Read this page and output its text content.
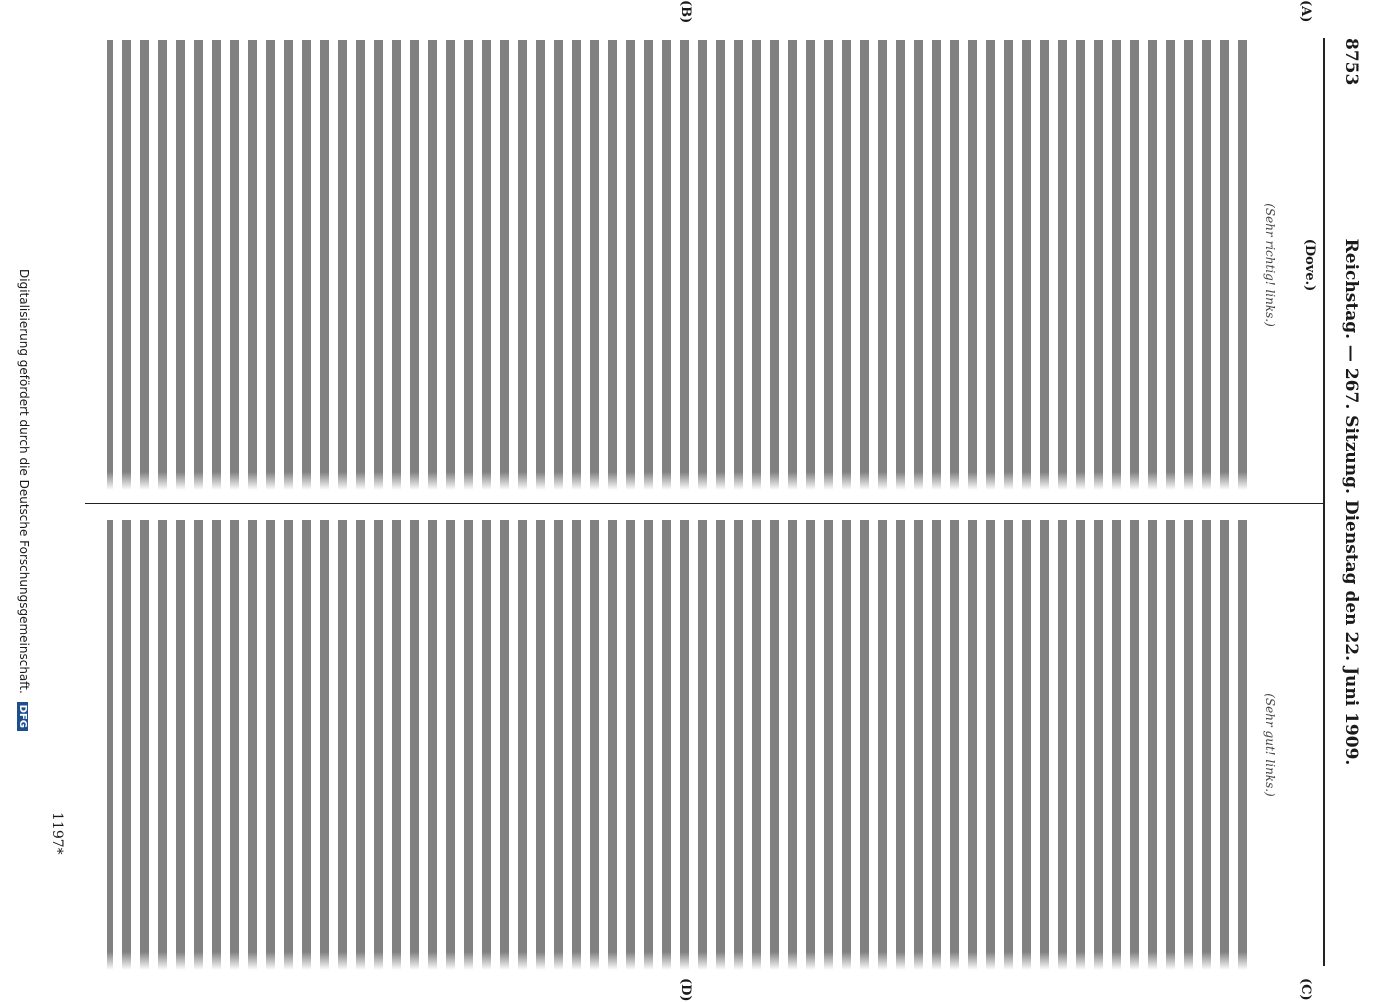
8753
Reichstag. — 267. Sitzung. Dienstag den 22. Juni 1909.
(A)
(C)
(B)
(D)
(Dove.)
(Sehr richtig! links.)
(Sehr gut! links.)
1197*
Digitalisierung gefördert durch die Deutsche Forschungsgemeinschaft. DFG
